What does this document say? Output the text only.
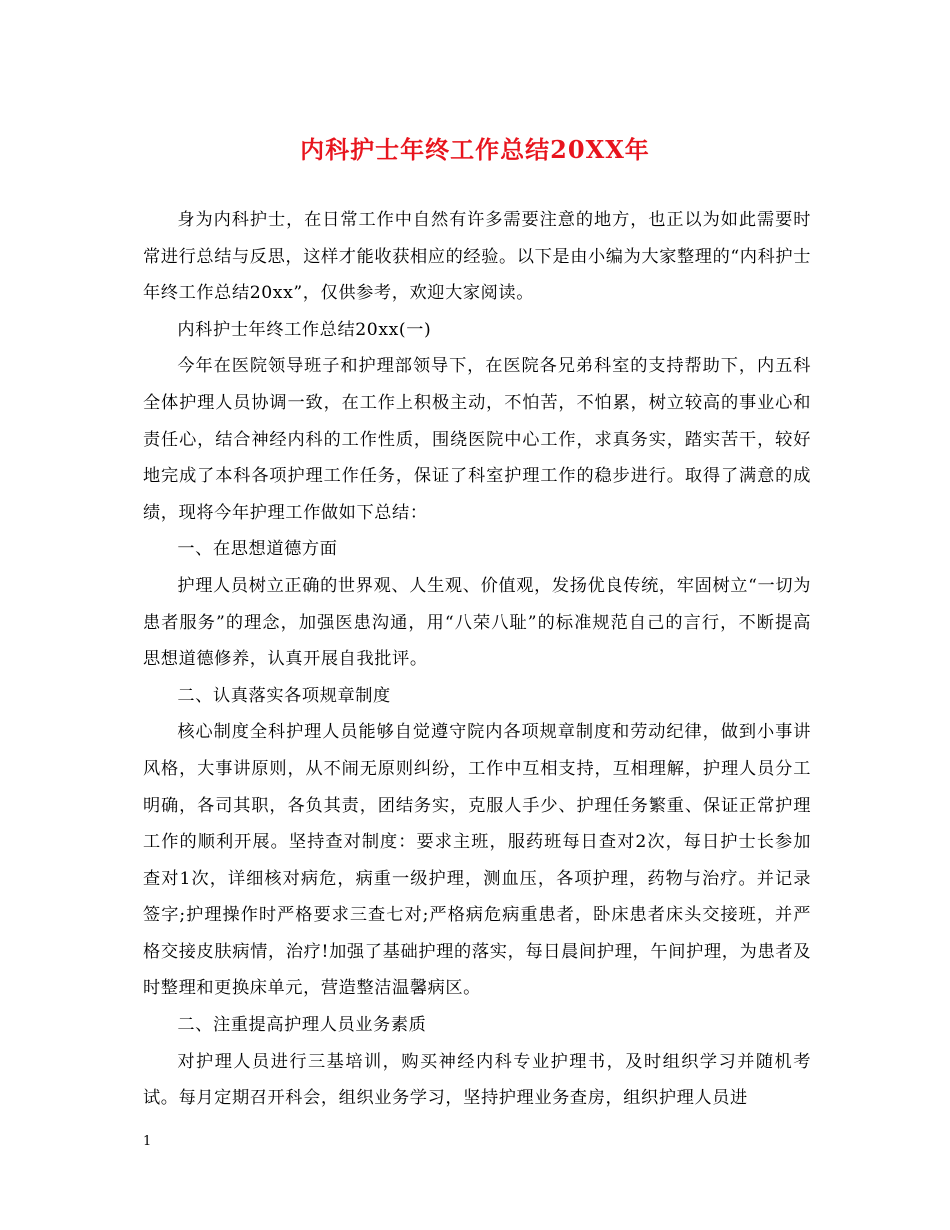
内科护士年终工作总结20XX年

身为内科护士，在日常工作中自然有许多需要注意的地方，也正以为如此需要时常进行总结与反思，这样才能收获相应的经验。以下是由小编为大家整理的“内科护士年终工作总结20xx”，仅供参考，欢迎大家阅读。

内科护士年终工作总结20xx(一)

今年在医院领导班子和护理部领导下，在医院各兄弟科室的支持帮助下，内五科全体护理人员协调一致，在工作上积极主动，不怕苦，不怕累，树立较高的事业心和责任心，结合神经内科的工作性质，围绕医院中心工作，求真务实，踏实苦干，较好地完成了本科各项护理工作任务，保证了科室护理工作的稳步进行。取得了满意的成绩，现将今年护理工作做如下总结：

一、在思想道德方面

护理人员树立正确的世界观、人生观、价值观，发扬优良传统，牢固树立“一切为患者服务”的理念，加强医患沟通，用“八荣八耻”的标准规范自己的言行，不断提高思想道德修养，认真开展自我批评。

二、认真落实各项规章制度

核心制度全科护理人员能够自觉遵守院内各项规章制度和劳动纪律，做到小事讲风格，大事讲原则，从不闹无原则纠纷，工作中互相支持，互相理解，护理人员分工明确，各司其职，各负其责，团结务实，克服人手少、护理任务繁重、保证正常护理工作的顺利开展。坚持查对制度：要求主班，服药班每日查对2次，每日护士长参加查对1次，详细核对病危，病重一级护理，测血压，各项护理，药物与治疗。并记录签字;护理操作时严格要求三查七对;严格病危病重患者，卧床患者床头交接班，并严格交接皮肤病情，治疗!加强了基础护理的落实，每日晨间护理，午间护理，为患者及时整理和更换床单元，营造整洁温馨病区。

二、注重提高护理人员业务素质

对护理人员进行三基培训，购买神经内科专业护理书，及时组织学习并随机考试。每月定期召开科会，组织业务学习，坚持护理业务查房，组织护理人员进

1
